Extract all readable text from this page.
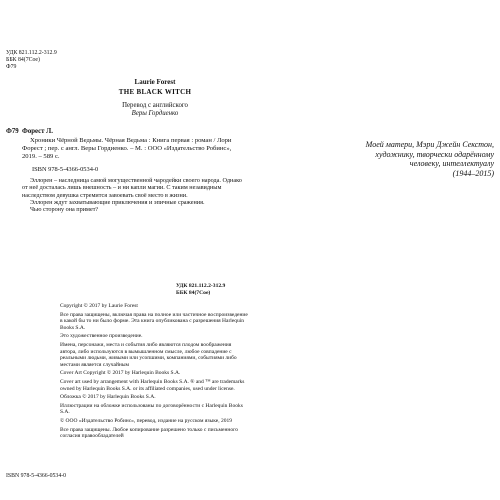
УДК 821.112.2-312.9
ББК 84(7Сое)
Ф79
Laurie Forest
THE BLACK WITCH
Перевод с английского
Веры Гордиенко
Ф79 Форест Л.

Хроники Чёрной Ведьмы. Чёрная Ведьма : Книга первая : роман / Лори Форест ; пер. с англ. Веры Гордиенко. – М. : ООО «Издательство Робинс», 2019. – 589 с.

ISBN 978-5-4366-0534-0

Эллорен – наследница самой могущественной чародейки своего народа. Однако от неё досталась лишь внешность – и ни капли магии. С таким незавидным наследством девушка стремится завоевать своё место в жизни.

Эллорен ждут захватывающие приключения и эпичные сражения.

Чью сторону она примет?

УДК 821.112.2-312.9
ББК 84(7Сое)

Copyright © 2017 by Laurie Forest

Все права защищены, включая права на полное или частичное воспроизведение в какой бы то ни было форме. Эта книга опубликована с разрешения Harlequin Books S.A.

Это художественное произведение.

Имена, персонажи, места и события либо являются плодом воображения автора, либо используются в вымышленном смысле, любое совпадение с реальными людьми, живыми или усопшими, компаниями, событиями либо местами является случайным

Cover Art Copyright © 2017 by Harlequin Books S.A.

Cover art used by arrangement with Harlequin Books S.A. ® and ™ are trademarks owned by Harlequin Books S.A. or its affiliated companies, used under license.

Обложка © 2017 by Harlequin Books S.A.

Иллюстрации на обложке использованы по договорённости с Harlequin Books S.A.

© ООО «Издательство Робинс», перевод, издание на русском языке, 2019

Все права защищены. Любое копирование разрешено только с письменного согласия правообладателей

ISBN 978-5-4366-0534-0
Моей матери, Мэри Джейн Секстон,
художнику, творчески одарённому
человеку, интеллектуалу
(1944–2015)
